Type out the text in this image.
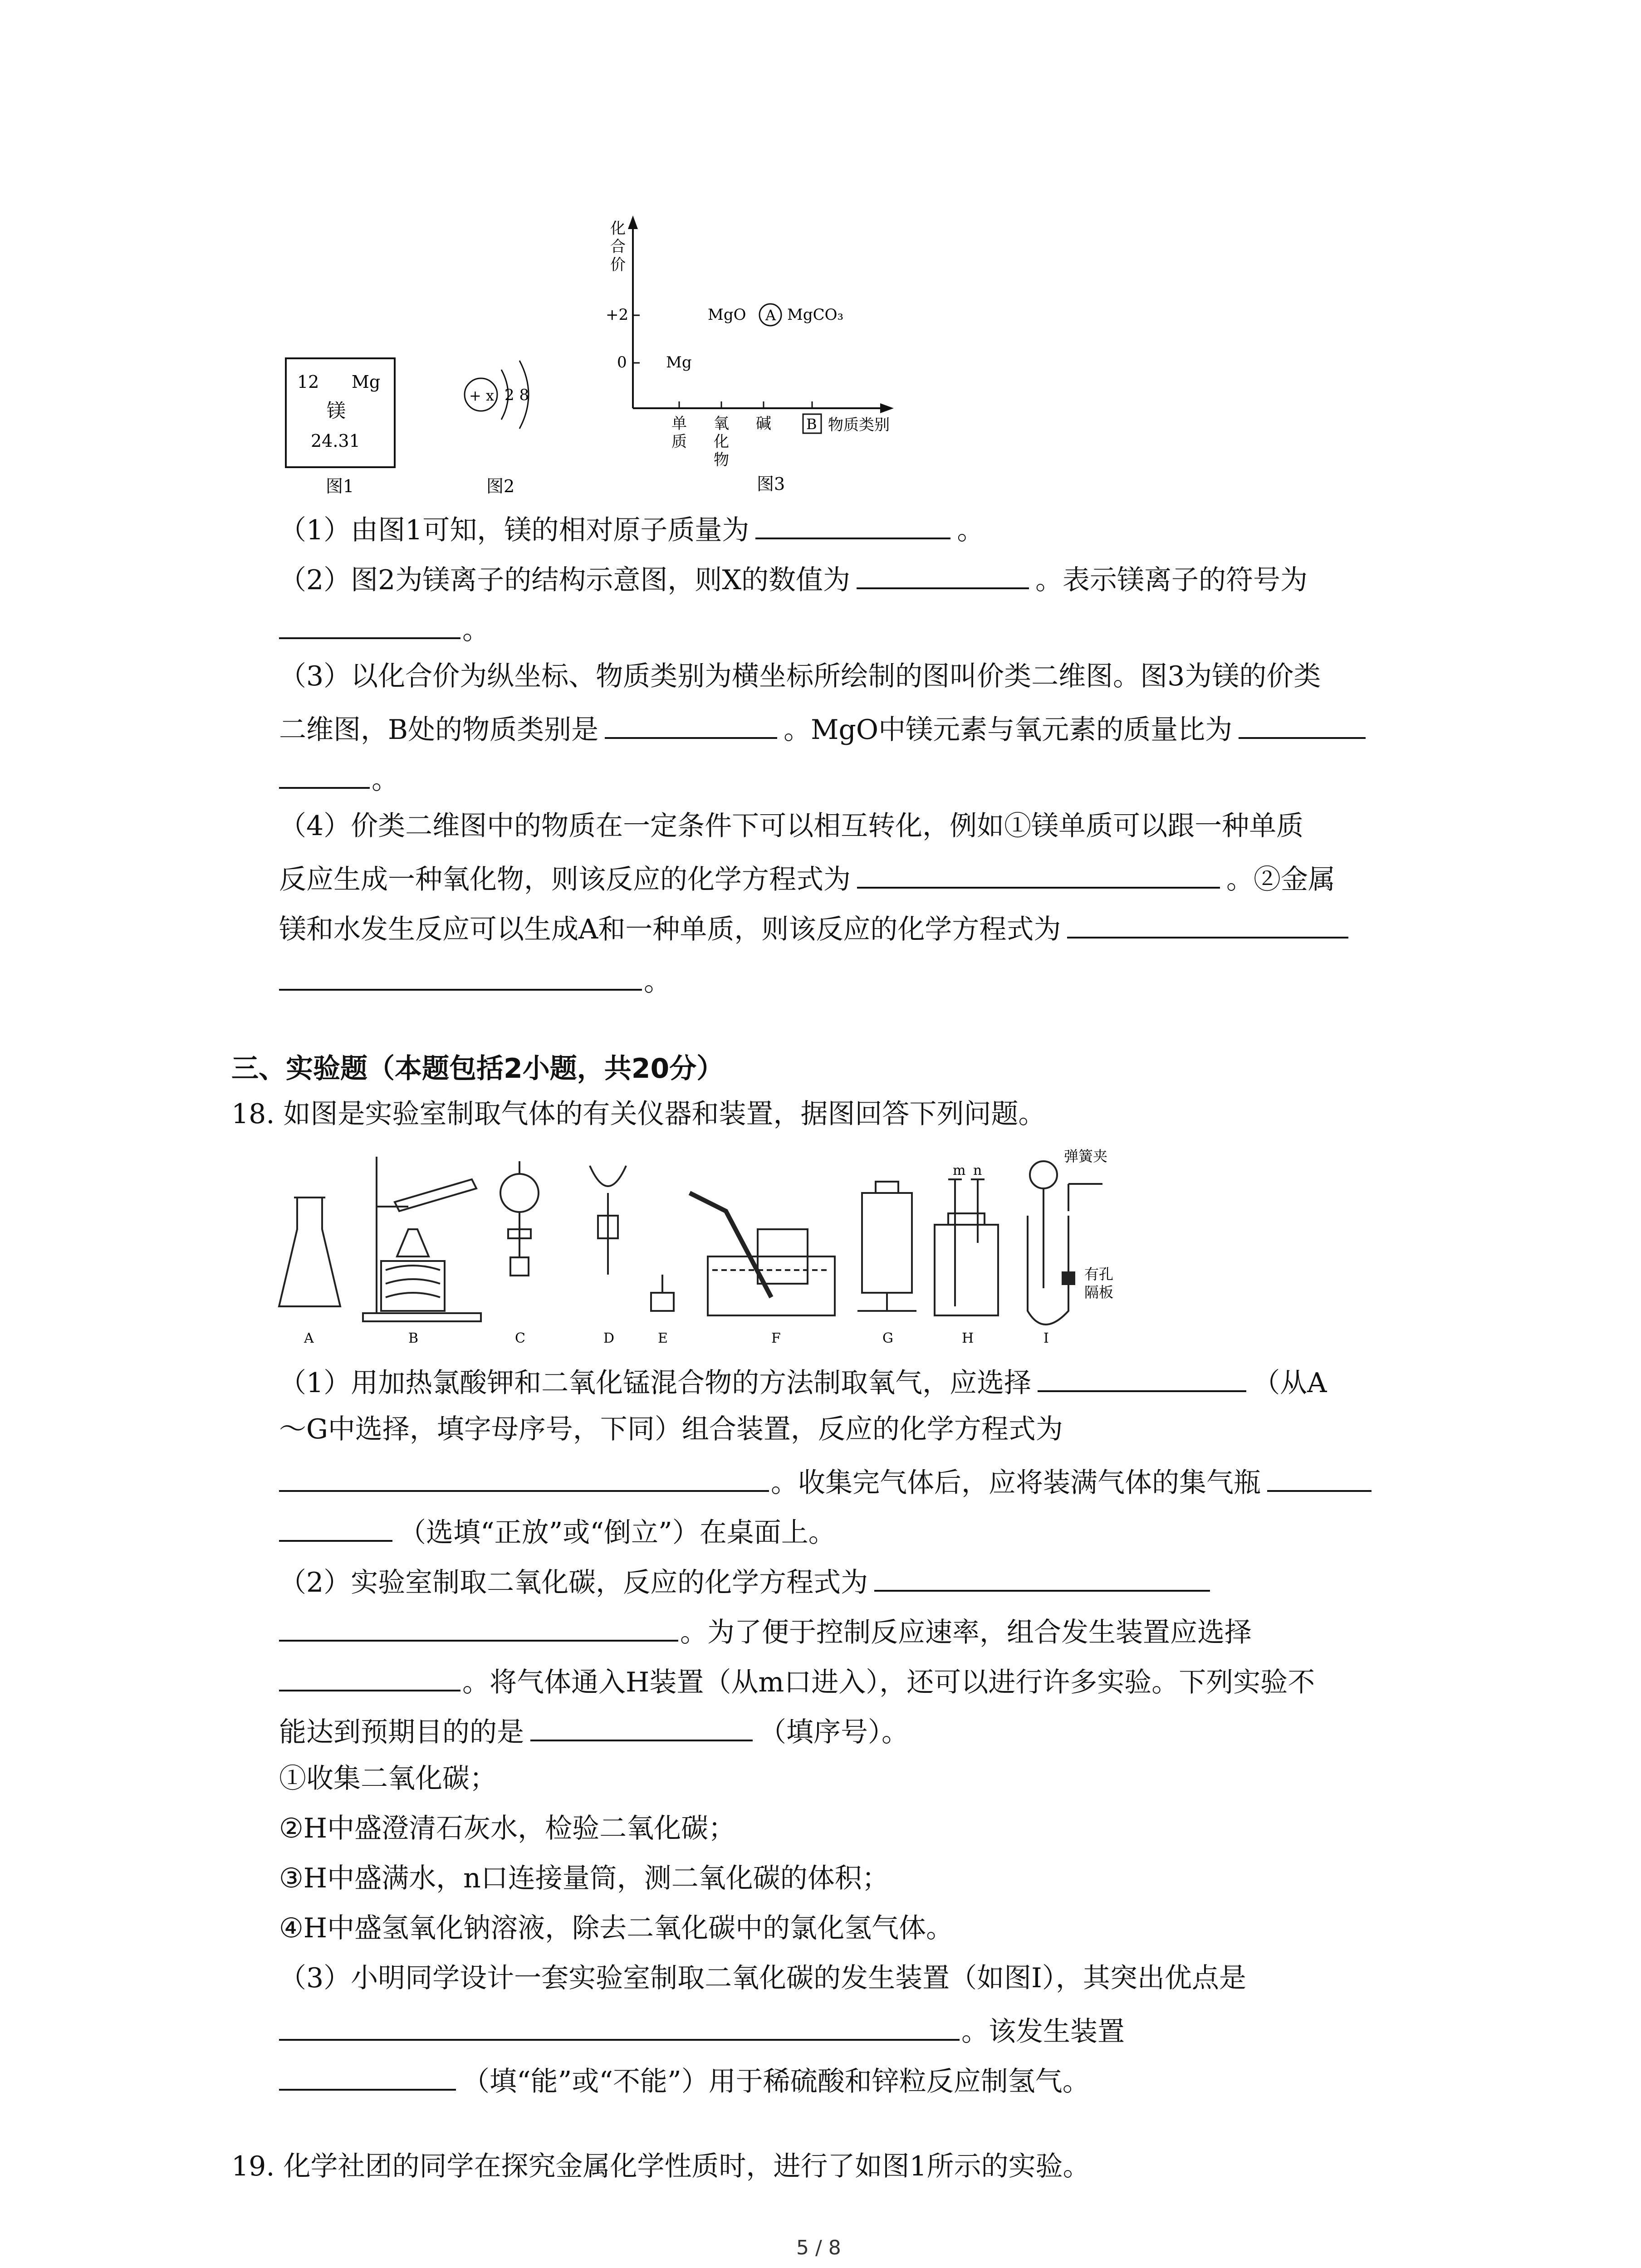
12 Mg
镁
24.31
图1
+ x 2 8
图2
化
合
价
+2
0	Mg
MgO A MgCO₃
单
质
氧
化
物
碱 B 物质类别
图3
（1）由图1可知，镁的相对原子质量为	。
（2）图2为镁离子的结构示意图，则X的数值为	。表示镁离子的符号为
。
（3）以化合价为纵坐标、物质类别为横坐标所绘制的图叫价类二维图。图3为镁的价类
二维图，B处的物质类别是	。MgO中镁元素与氧元素的质量比为
。
（4）价类二维图中的物质在一定条件下可以相互转化，例如①镁单质可以跟一种单质
反应生成一种氧化物，则该反应的化学方程式为	。②金属
镁和水发生反应可以生成A和一种单质，则该反应的化学方程式为
。
三、实验题（本题包括2小题，共20分）
18. 如图是实验室制取气体的有关仪器和装置，据图回答下列问题。
m n
弹簧夹
有孔
隔板
A	B	C	D	E	F	G	H	I
（1）用加热氯酸钾和二氧化锰混合物的方法制取氧气，应选择	（从A
～G中选择，填字母序号，下同）组合装置，反应的化学方程式为
。收集完气体后，应将装满气体的集气瓶
（选填“正放”或“倒立”）在桌面上。
（2）实验室制取二氧化碳，反应的化学方程式为
。为了便于控制反应速率，组合发生装置应选择
。将气体通入H装置（从m口进入），还可以进行许多实验。下列实验不
能达到预期目的的是	（填序号）。
①收集二氧化碳；
②H中盛澄清石灰水，检验二氧化碳；
③H中盛满水，n口连接量筒，测二氧化碳的体积；
④H中盛氢氧化钠溶液，除去二氧化碳中的氯化氢气体。
（3）小明同学设计一套实验室制取二氧化碳的发生装置（如图I），其突出优点是
。该发生装置
（填“能”或“不能”）用于稀硫酸和锌粒反应制氢气。
19. 化学社团的同学在探究金属化学性质时，进行了如图1所示的实验。
5 / 8
